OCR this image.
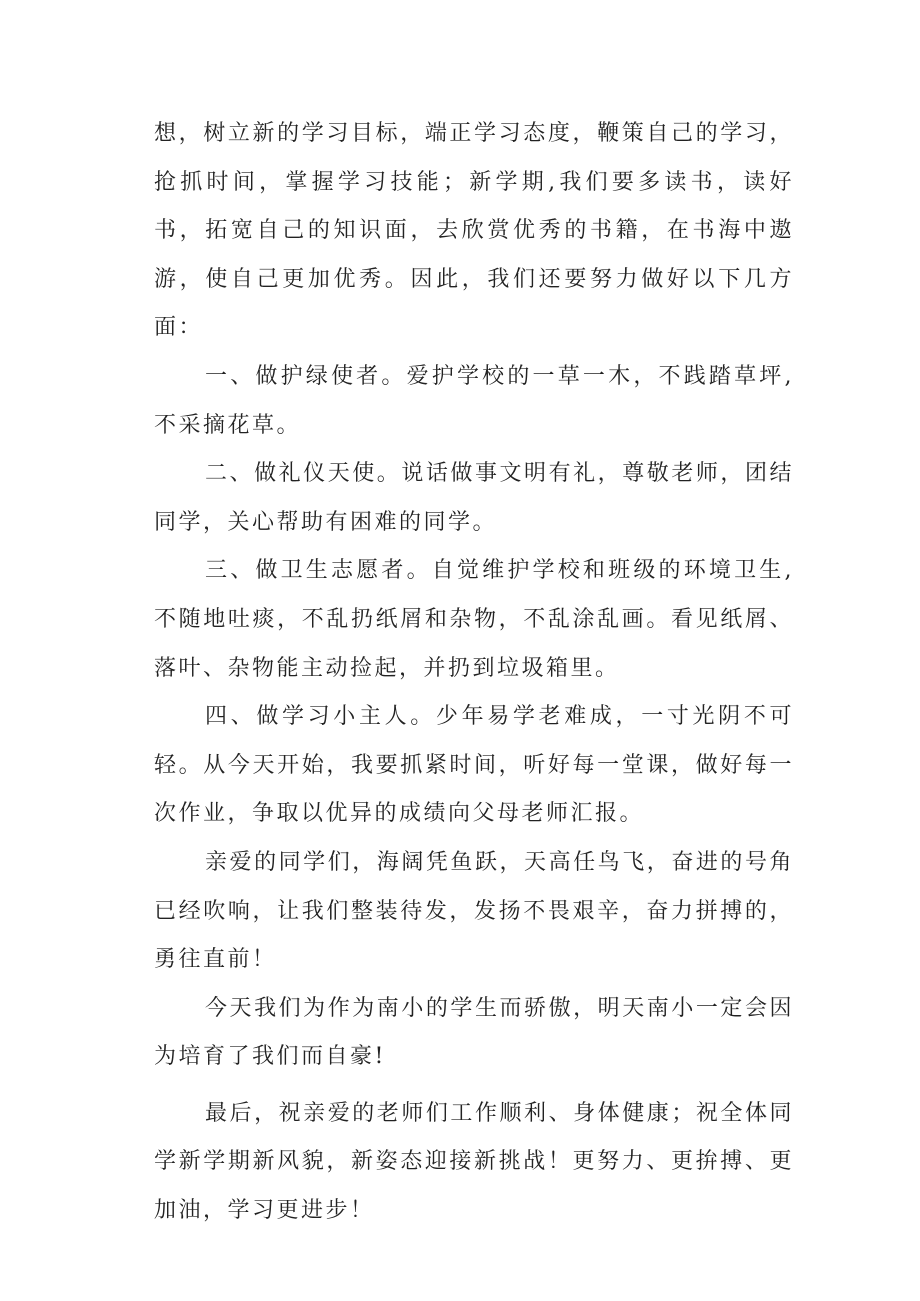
想，树立新的学习目标，端正学习态度，鞭策自己的学习，抢抓时间，掌握学习技能；新学期,我们要多读书，读好书，拓宽自己的知识面，去欣赏优秀的书籍，在书海中遨游，使自己更加优秀。因此，我们还要努力做好以下几方面：

一、做护绿使者。爱护学校的一草一木，不践踏草坪,不采摘花草。

二、做礼仪天使。说话做事文明有礼，尊敬老师，团结同学，关心帮助有困难的同学。

三、做卫生志愿者。自觉维护学校和班级的环境卫生,不随地吐痰，不乱扔纸屑和杂物，不乱涂乱画。看见纸屑、落叶、杂物能主动捡起，并扔到垃圾箱里。

四、做学习小主人。少年易学老难成，一寸光阴不可轻。从今天开始，我要抓紧时间，听好每一堂课，做好每一次作业，争取以优异的成绩向父母老师汇报。

亲爱的同学们，海阔凭鱼跃，天高任鸟飞，奋进的号角已经吹响，让我们整装待发，发扬不畏艰辛，奋力拼搏的，勇往直前！

今天我们为作为南小的学生而骄傲，明天南小一定会因为培育了我们而自豪!

最后，祝亲爱的老师们工作顺利、身体健康；祝全体同学新学期新风貌，新姿态迎接新挑战！更努力、更拚搏、更加油，学习更进步！
